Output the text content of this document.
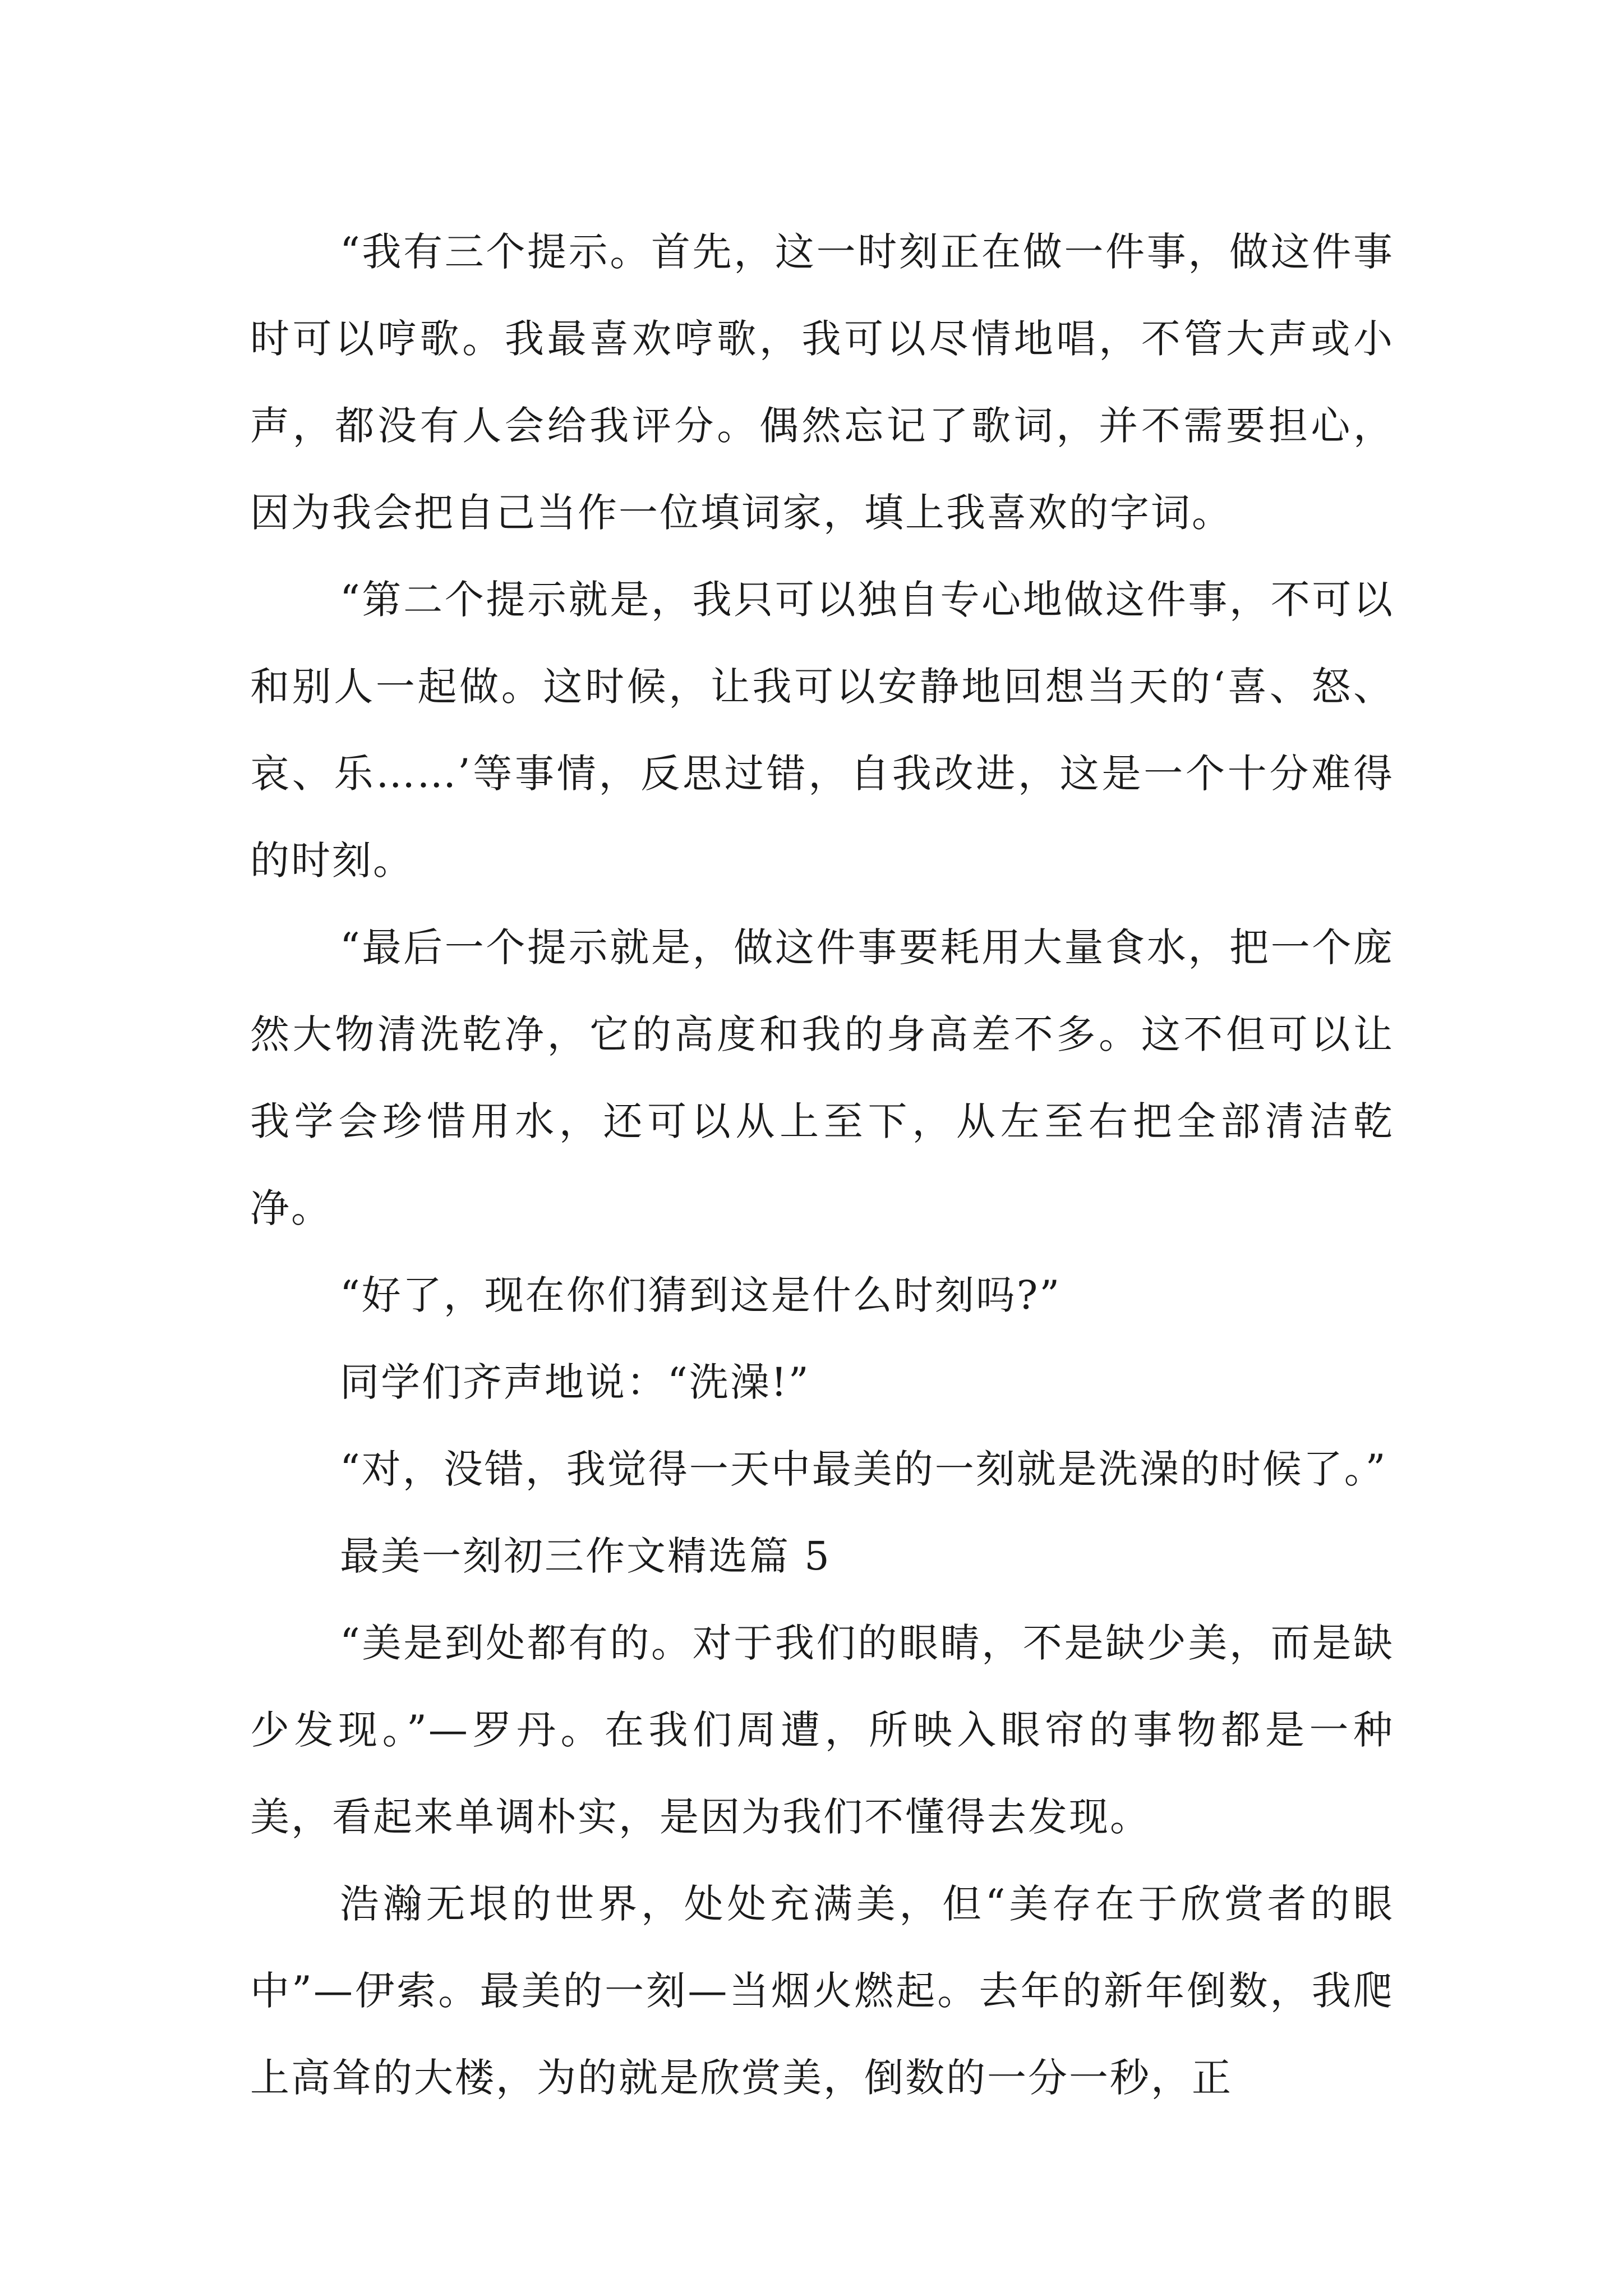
“我有三个提示。首先，这一时刻正在做一件事，做这件事时可以哼歌。我最喜欢哼歌，我可以尽情地唱，不管大声或小声，都没有人会给我评分。偶然忘记了歌词，并不需要担心，因为我会把自己当作一位填词家，填上我喜欢的字词。

“第二个提示就是，我只可以独自专心地做这件事，不可以和别人一起做。这时候，让我可以安静地回想当天的‘喜、怒、哀、乐……’等事情，反思过错，自我改进，这是一个十分难得的时刻。

“最后一个提示就是，做这件事要耗用大量食水，把一个庞然大物清洗乾净，它的高度和我的身高差不多。这不但可以让我学会珍惜用水，还可以从上至下，从左至右把全部清洁乾净。

“好了，现在你们猜到这是什么时刻吗?”

同学们齐声地说：“洗澡!”

“对，没错，我觉得一天中最美的一刻就是洗澡的时候了。”

最美一刻初三作文精选篇 5

“美是到处都有的。对于我们的眼睛，不是缺少美，而是缺少发现。”—罗丹。在我们周遭，所映入眼帘的事物都是一种美，看起来单调朴实，是因为我们不懂得去发现。

浩瀚无垠的世界，处处充满美，但“美存在于欣赏者的眼中”—伊索。最美的一刻—当烟火燃起。去年的新年倒数，我爬上高耸的大楼，为的就是欣赏美，倒数的一分一秒，正
